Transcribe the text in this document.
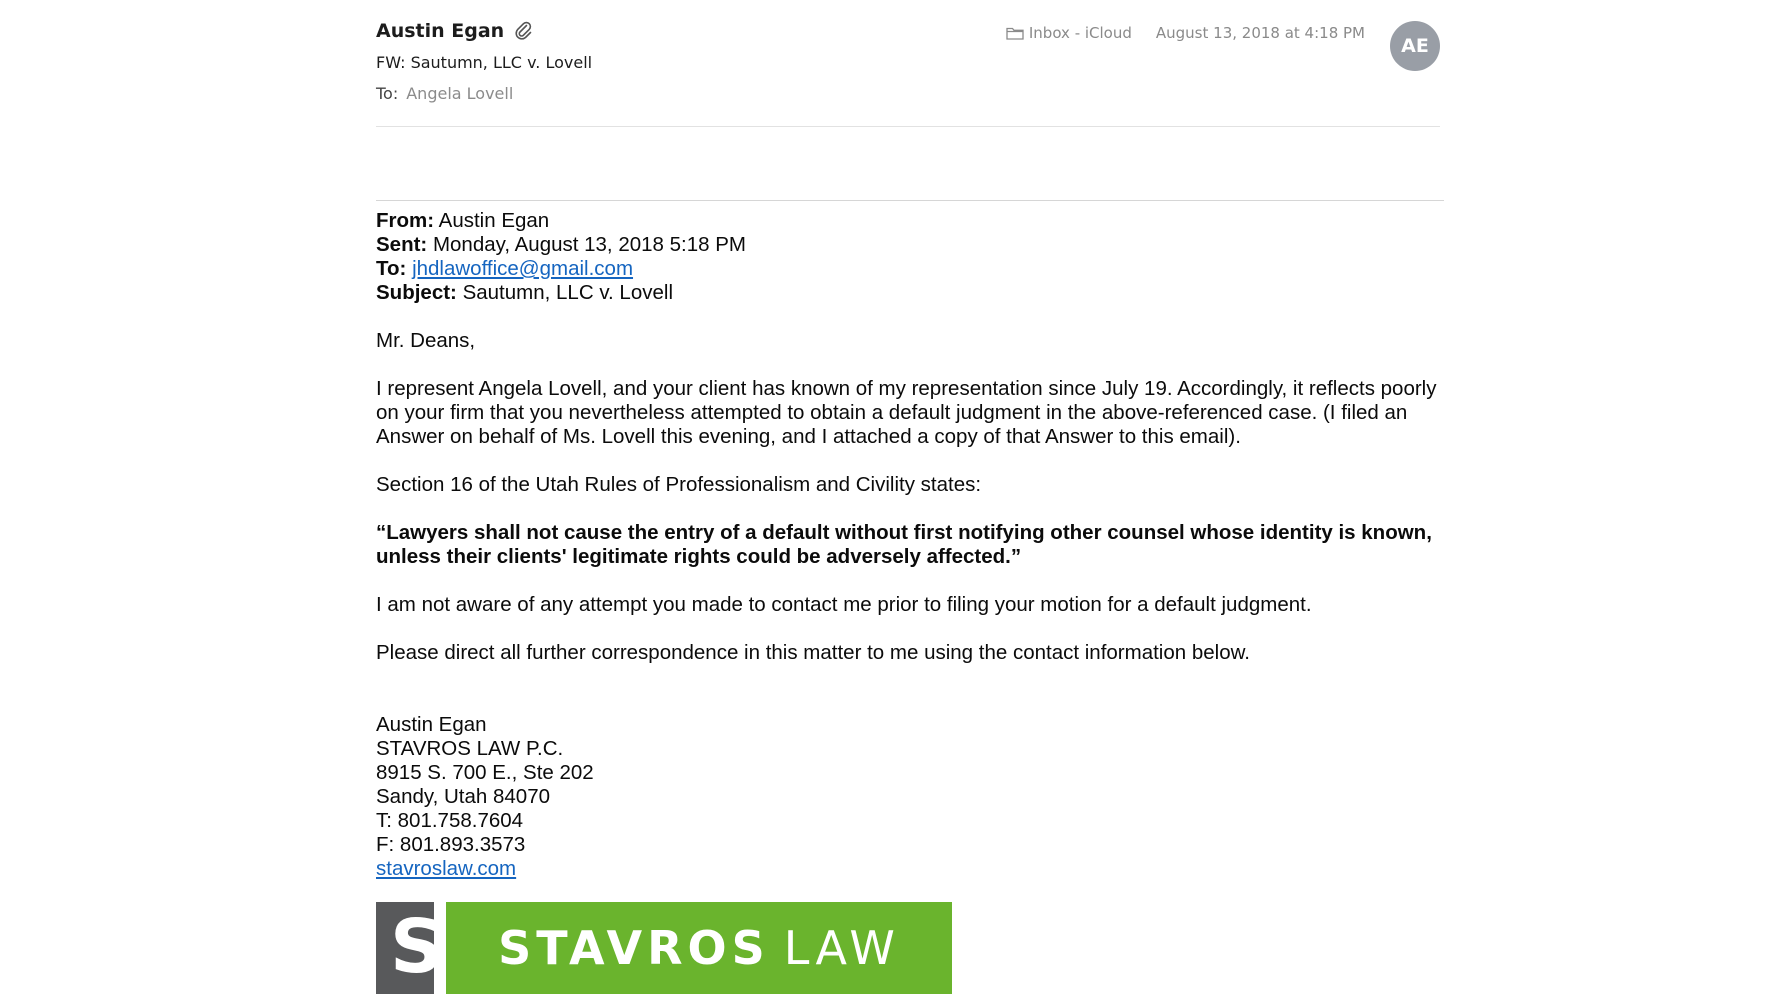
Austin Egan
FW: Sautumn, LLC v. Lovell
To: Angela Lovell
Inbox - iCloud August 13, 2018 at 4:18 PM
AE

From: Austin Egan

Sent: Monday, August 13, 2018 5:18 PM

To: jhdlawoffice@gmail.com

Subject: Sautumn, LLC v. Lovell

Mr. Deans,

I represent Angela Lovell, and your client has known of my representation since July 19. Accordingly, it reflects poorly on your firm that you nevertheless attempted to obtain a default judgment in the above-referenced case. (I filed an Answer on behalf of Ms. Lovell this evening, and I attached a copy of that Answer to this email).

Section 16 of the Utah Rules of Professionalism and Civility states:

“Lawyers shall not cause the entry of a default without first notifying other counsel whose identity is known, unless their clients' legitimate rights could be adversely affected.”

I am not aware of any attempt you made to contact me prior to filing your motion for a default judgment.

Please direct all further correspondence in this matter to me using the contact information below.

Austin Egan
STAVROS LAW P.C.
8915 S. 700 E., Ste 202
Sandy, Utah 84070
T: 801.758.7604
F: 801.893.3573
stavroslaw.com
S STAVROS LAW
